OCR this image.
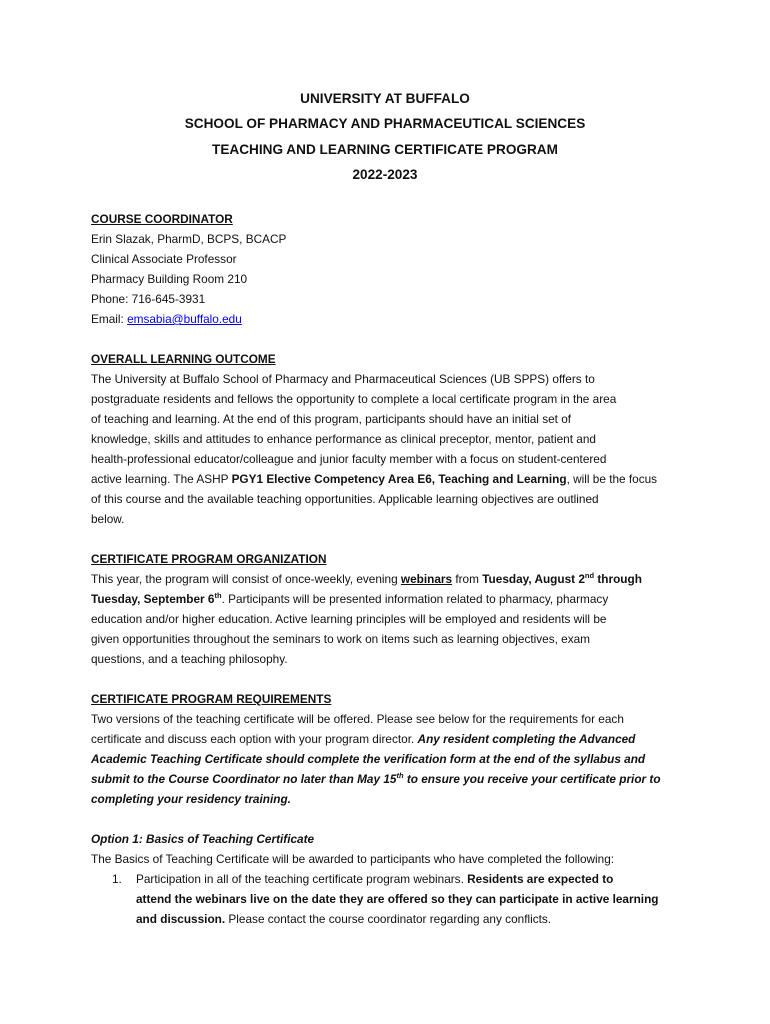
UNIVERSITY AT BUFFALO

SCHOOL OF PHARMACY AND PHARMACEUTICAL SCIENCES

TEACHING AND LEARNING CERTIFICATE PROGRAM

2022-2023

COURSE COORDINATOR

Erin Slazak, PharmD, BCPS, BCACP

Clinical Associate Professor

Pharmacy Building Room 210

Phone: 716-645-3931

Email: emsabia@buffalo.edu

OVERALL LEARNING OUTCOME

The University at Buffalo School of Pharmacy and Pharmaceutical Sciences (UB SPPS) offers to

postgraduate residents and fellows the opportunity to complete a local certificate program in the area

of teaching and learning. At the end of this program, participants should have an initial set of

knowledge, skills and attitudes to enhance performance as clinical preceptor, mentor, patient and

health-professional educator/colleague and junior faculty member with a focus on student-centered

active learning. The ASHP PGY1 Elective Competency Area E6, Teaching and Learning, will be the focus

of this course and the available teaching opportunities. Applicable learning objectives are outlined

below.

CERTIFICATE PROGRAM ORGANIZATION

This year, the program will consist of once-weekly, evening webinars from Tuesday, August 2nd through

Tuesday, September 6th. Participants will be presented information related to pharmacy, pharmacy

education and/or higher education. Active learning principles will be employed and residents will be

given opportunities throughout the seminars to work on items such as learning objectives, exam

questions, and a teaching philosophy.

CERTIFICATE PROGRAM REQUIREMENTS

Two versions of the teaching certificate will be offered. Please see below for the requirements for each

certificate and discuss each option with your program director. Any resident completing the Advanced

Academic Teaching Certificate should complete the verification form at the end of the syllabus and

submit to the Course Coordinator no later than May 15th to ensure you receive your certificate prior to

completing your residency training.

Option 1: Basics of Teaching Certificate

The Basics of Teaching Certificate will be awarded to participants who have completed the following:

1. Participation in all of the teaching certificate program webinars. Residents are expected to

attend the webinars live on the date they are offered so they can participate in active learning

and discussion. Please contact the course coordinator regarding any conflicts.
